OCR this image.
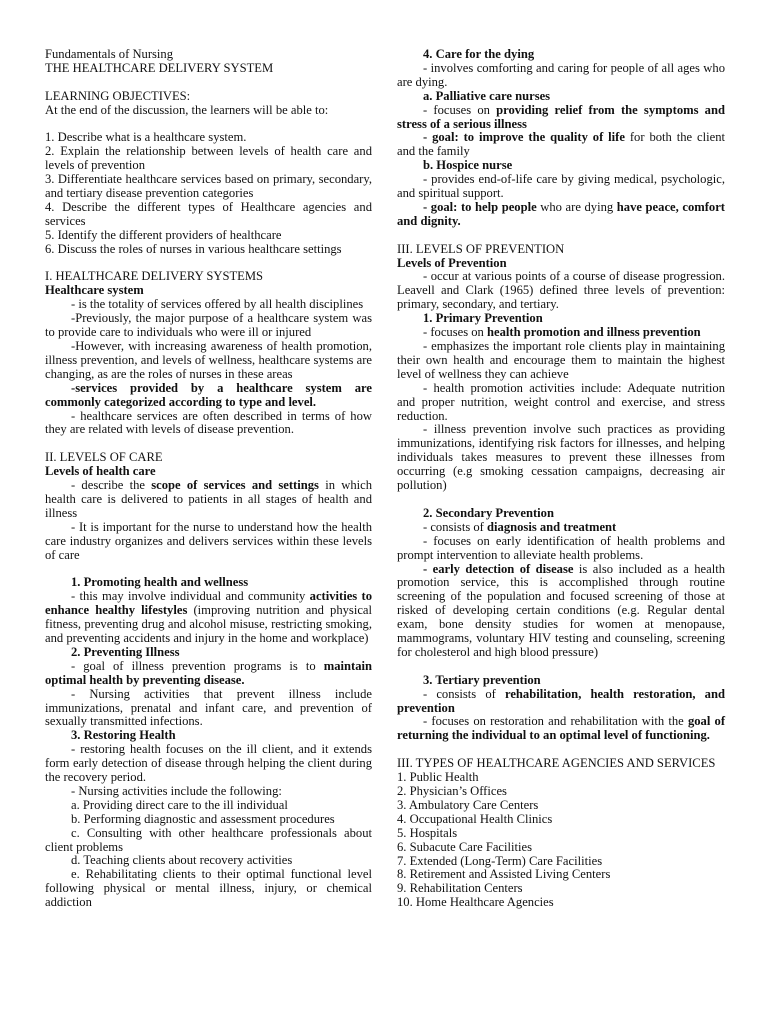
Fundamentals of Nursing

THE HEALTHCARE DELIVERY SYSTEM

LEARNING OBJECTIVES:

At the end of the discussion, the learners will be able to:

1. Describe what is a healthcare system.

2. Explain the relationship between levels of health care and levels of prevention

3. Differentiate healthcare services based on primary, secondary, and tertiary disease prevention categories

4. Describe the different types of Healthcare agencies and services

5. Identify the different providers of healthcare

6. Discuss the roles of nurses in various healthcare settings

I. HEALTHCARE DELIVERY SYSTEMS

Healthcare system

- is the totality of services offered by all health disciplines

-Previously, the major purpose of a healthcare system was to provide care to individuals who were ill or injured

-However, with increasing awareness of health promotion, illness prevention, and levels of wellness, healthcare systems are changing, as are the roles of nurses in these areas

-services provided by a healthcare system are commonly categorized according to type and level.

- healthcare services are often described in terms of how they are related with levels of disease prevention.

II. LEVELS OF CARE

Levels of health care

- describe the scope of services and settings in which health care is delivered to patients in all stages of health and illness

- It is important for the nurse to understand how the health care industry organizes and delivers services within these levels of care

1. Promoting health and wellness

- this may involve individual and community activities to enhance healthy lifestyles (improving nutrition and physical fitness, preventing drug and alcohol misuse, restricting smoking, and preventing accidents and injury in the home and workplace)

2. Preventing Illness

- goal of illness prevention programs is to maintain optimal health by preventing disease.

- Nursing activities that prevent illness include immunizations, prenatal and infant care, and prevention of sexually transmitted infections.

3. Restoring Health

- restoring health focuses on the ill client, and it extends form early detection of disease through helping the client during the recovery period.

- Nursing activities include the following:

a. Providing direct care to the ill individual

b. Performing diagnostic and assessment procedures

c. Consulting with other healthcare professionals about client problems

d. Teaching clients about recovery activities

e. Rehabilitating clients to their optimal functional level following physical or mental illness, injury, or chemical addiction

4. Care for the dying

- involves comforting and caring for people of all ages who are dying.

a. Palliative care nurses

- focuses on providing relief from the symptoms and stress of a serious illness

- goal: to improve the quality of life for both the client and the family

b. Hospice nurse

- provides end-of-life care by giving medical, psychologic, and spiritual support.

- goal: to help people who are dying have peace, comfort and dignity.

III. LEVELS OF PREVENTION

Levels of Prevention

- occur at various points of a course of disease progression. Leavell and Clark (1965) defined three levels of prevention: primary, secondary, and tertiary.

1. Primary Prevention

- focuses on health promotion and illness prevention

- emphasizes the important role clients play in maintaining their own health and encourage them to maintain the highest level of wellness they can achieve

- health promotion activities include: Adequate nutrition and proper nutrition, weight control and exercise, and stress reduction.

- illness prevention involve such practices as providing immunizations, identifying risk factors for illnesses, and helping individuals takes measures to prevent these illnesses from occurring (e.g smoking cessation campaigns, decreasing air pollution)

2. Secondary Prevention

- consists of diagnosis and treatment

- focuses on early identification of health problems and prompt intervention to alleviate health problems.

- early detection of disease is also included as a health promotion service, this is accomplished through routine screening of the population and focused screening of those at risked of developing certain conditions (e.g. Regular dental exam, bone density studies for women at menopause, mammograms, voluntary HIV testing and counseling, screening for cholesterol and high blood pressure)

3. Tertiary prevention

- consists of rehabilitation, health restoration, and prevention

- focuses on restoration and rehabilitation with the goal of returning the individual to an optimal level of functioning.

III. TYPES OF HEALTHCARE AGENCIES AND SERVICES

1. Public Health

2. Physician’s Offices

3. Ambulatory Care Centers

4. Occupational Health Clinics

5. Hospitals

6. Subacute Care Facilities

7. Extended (Long-Term) Care Facilities

8. Retirement and Assisted Living Centers

9. Rehabilitation Centers

10. Home Healthcare Agencies
